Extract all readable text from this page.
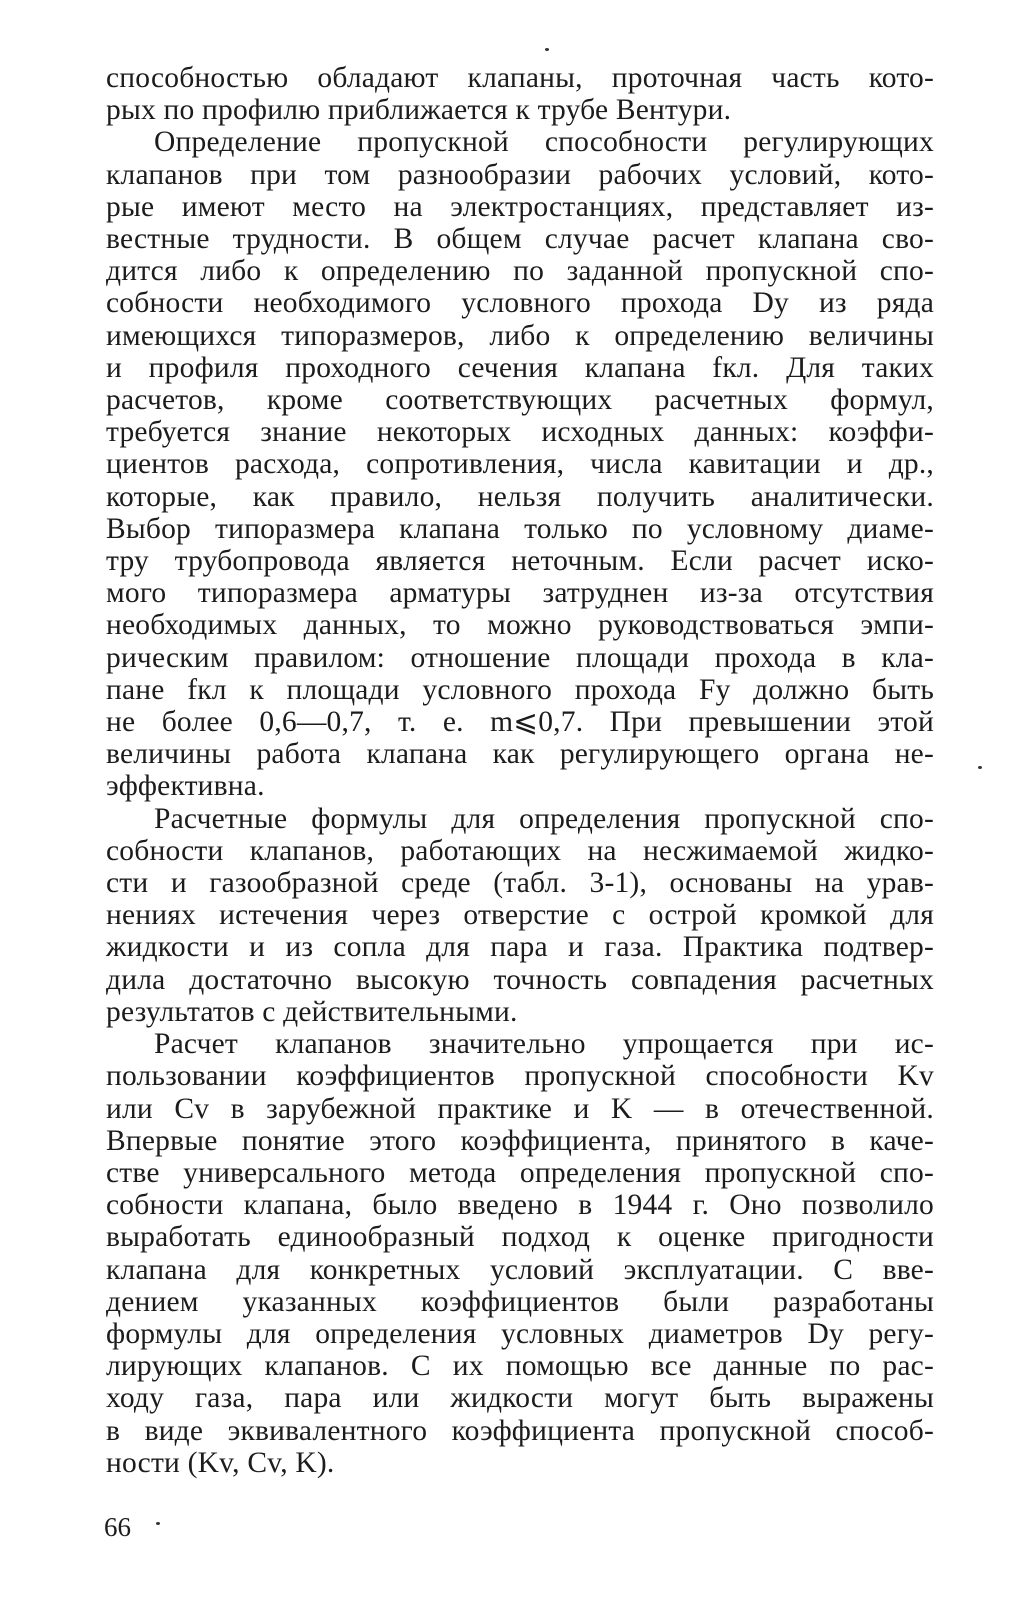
способностью обладают клапаны, проточная часть кото-
рых по профилю приближается к трубе Вентури.
Определение пропускной способности регулирующих
клапанов при том разнообразии рабочих условий, кото-
рые имеют место на электростанциях, представляет из-
вестные трудности. В общем случае расчет клапана сво-
дится либо к определению по заданной пропускной спо-
собности необходимого условного прохода Dу из ряда
имеющихся типоразмеров, либо к определению величины
и профиля проходного сечения клапана fкл. Для таких
расчетов, кроме соответствующих расчетных формул,
требуется знание некоторых исходных данных: коэффи-
циентов расхода, сопротивления, числа кавитации и др.,
которые, как правило, нельзя получить аналитически.
Выбор типоразмера клапана только по условному диаме-
тру трубопровода является неточным. Если расчет иско-
мого типоразмера арматуры затруднен из-за отсутствия
необходимых данных, то можно руководствоваться эмпи-
рическим правилом: отношение площади прохода в кла-
пане fкл к площади условного прохода Fу должно быть
не более 0,6—0,7, т. е. m⩽0,7. При превышении этой
величины работа клапана как регулирующего органа не-
эффективна.
Расчетные формулы для определения пропускной спо-
собности клапанов, работающих на несжимаемой жидко-
сти и газообразной среде (табл. 3-1), основаны на урав-
нениях истечения через отверстие с острой кромкой для
жидкости и из сопла для пара и газа. Практика подтвер-
дила достаточно высокую точность совпадения расчетных
результатов с действительными.
Расчет клапанов значительно упрощается при ис-
пользовании коэффициентов пропускной способности Kv
или Cv в зарубежной практике и K — в отечественной.
Впервые понятие этого коэффициента, принятого в каче-
стве универсального метода определения пропускной спо-
собности клапана, было введено в 1944 г. Оно позволило
выработать единообразный подход к оценке пригодности
клапана для конкретных условий эксплуатации. С вве-
дением указанных коэффициентов были разработаны
формулы для определения условных диаметров Dу регу-
лирующих клапанов. С их помощью все данные по рас-
ходу газа, пара или жидкости могут быть выражены
в виде эквивалентного коэффициента пропускной способ-
ности (Kv, Cv, K).
66
